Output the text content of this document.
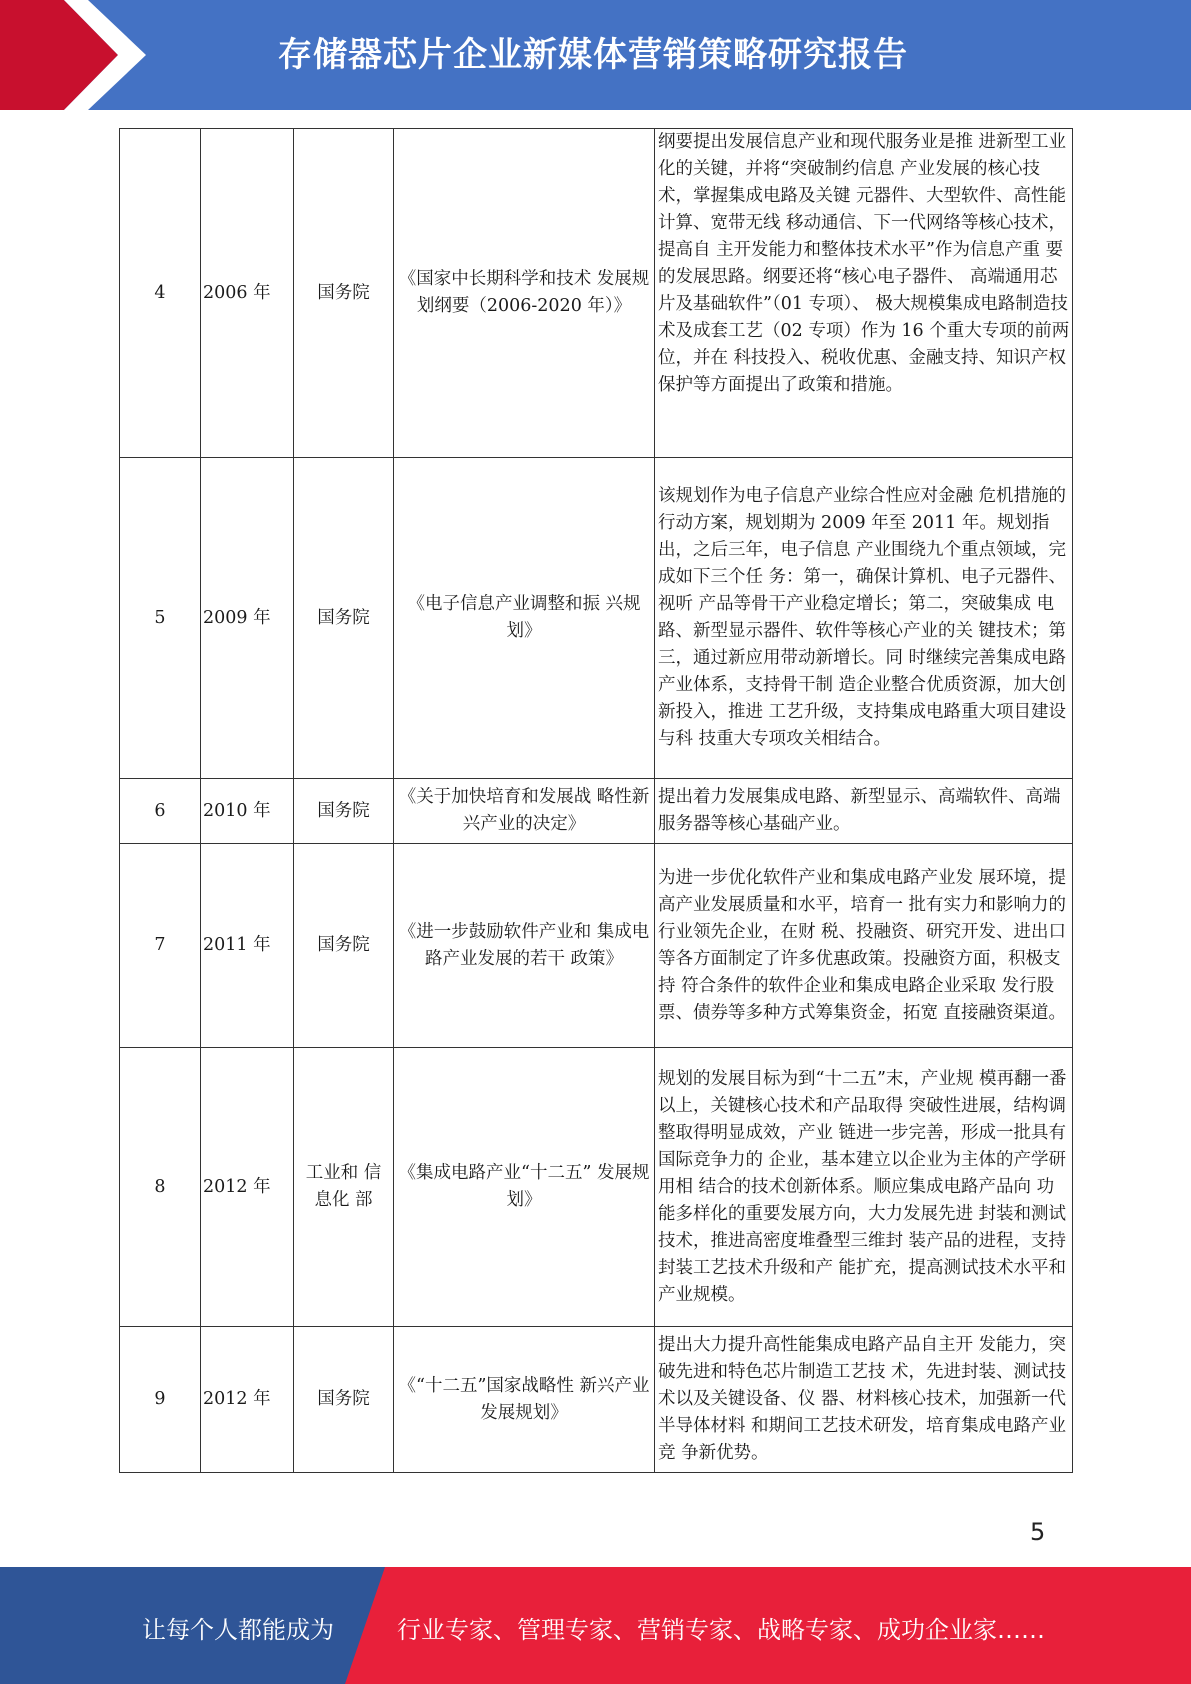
存储器芯片企业新媒体营销策略研究报告
4	2006 年	国务院	《国家中长期科学和技术 发展规划纲要（2006-2020 年）》	纲要提出发展信息产业和现代服务业是推 进新型工业化的关键，并将“突破制约信息 产业发展的核心技术，掌握集成电路及关键 元器件、大型软件、高性能计算、宽带无线 移动通信、下一代网络等核心技术，提高自 主开发能力和整体技术水平”作为信息产重 要的发展思路。纲要还将“核心电子器件、 高端通用芯片及基础软件”（01 专项）、 极大规模集成电路制造技术及成套工艺（02 专项）作为 16 个重大专项的前两位，并在 科技投入、税收优惠、金融支持、知识产权 保护等方面提出了政策和措施。
5	2009 年	国务院	《电子信息产业调整和振 兴规划》	该规划作为电子信息产业综合性应对金融 危机措施的行动方案，规划期为 2009 年至 2011 年。规划指出，之后三年，电子信息 产业围绕九个重点领域，完成如下三个任 务：第一，确保计算机、电子元器件、视听 产品等骨干产业稳定增长；第二，突破集成 电路、新型显示器件、软件等核心产业的关 键技术；第三，通过新应用带动新增长。同 时继续完善集成电路产业体系，支持骨干制 造企业整合优质资源，加大创新投入，推进 工艺升级，支持集成电路重大项目建设与科 技重大专项攻关相结合。
6	2010 年	国务院	《关于加快培育和发展战 略性新兴产业的决定》	提出着力发展集成电路、新型显示、高端软件、高端服务器等核心基础产业。
7	2011 年	国务院	《进一步鼓励软件产业和 集成电路产业发展的若干 政策》	为进一步优化软件产业和集成电路产业发 展环境，提高产业发展质量和水平，培育一 批有实力和影响力的行业领先企业，在财 税、投融资、研究开发、进出口等各方面制定了许多优惠政策。投融资方面，积极支持 符合条件的软件企业和集成电路企业采取 发行股票、债券等多种方式筹集资金，拓宽 直接融资渠道。
8	2012 年	工业和 信息化 部	《集成电路产业“十二五” 发展规划》	规划的发展目标为到“十二五”末，产业规 模再翻一番以上，关键核心技术和产品取得 突破性进展，结构调整取得明显成效，产业 链进一步完善，形成一批具有国际竞争力的 企业，基本建立以企业为主体的产学研用相 结合的技术创新体系。顺应集成电路产品向 功能多样化的重要发展方向，大力发展先进 封装和测试技术，推进高密度堆叠型三维封 装产品的进程，支持封装工艺技术升级和产 能扩充，提高测试技术水平和产业规模。
9	2012 年	国务院	《“十二五”国家战略性 新兴产业发展规划》	提出大力提升高性能集成电路产品自主开 发能力，突破先进和特色芯片制造工艺技 术，先进封装、测试技术以及关键设备、仪 器、材料核心技术，加强新一代半导体材料 和期间工艺技术研发，培育集成电路产业竞 争新优势。
5
让每个人都能成为	行业专家、管理专家、营销专家、战略专家、成功企业家……
